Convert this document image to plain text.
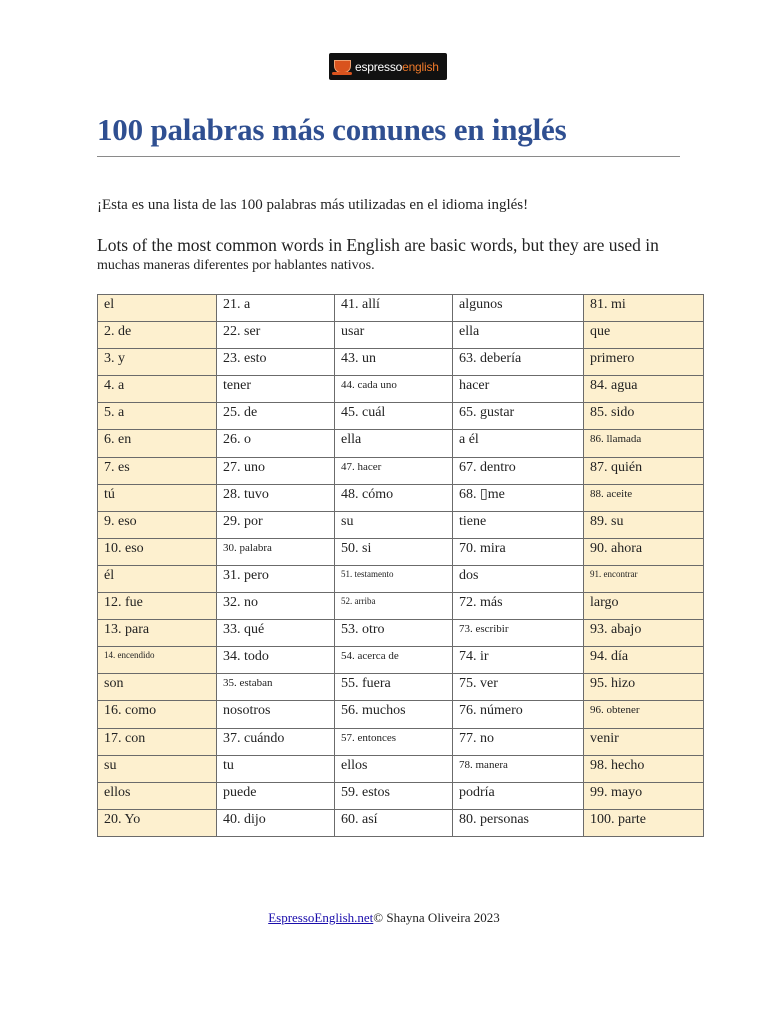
espressoenglish
100 palabras más comunes en inglés

¡Esta es una lista de las 100 palabras más utilizadas en el idioma inglés!

Lots of the most common words in English are basic words, but they are used in

muchas maneras diferentes por hablantes nativos.

el	21. a	41. allí	algunos	81. mi
2. de	22. ser	usar	ella	que
3. y	23. esto	43. un	63. debería	primero
4. a	tener	44. cada uno	hacer	84. agua
5. a	25. de	45. cuál	65. gustar	85. sido
6. en	26. o	ella	a él	86. llamada
7. es	27. uno	47. hacer	67. dentro	87. quién
tú	28. tuvo	48. cómo	68. ▯me	88. aceite
9. eso	29. por	su	tiene	89. su
10. eso	30. palabra	50. si	70. mira	90. ahora
él	31. pero	51. testamento	dos	91. encontrar
12. fue	32. no	52. arriba	72. más	largo
13. para	33. qué	53. otro	73. escribir	93. abajo
14. encendido	34. todo	54. acerca de	74. ir	94. día
son	35. estaban	55. fuera	75. ver	95. hizo
16. como	nosotros	56. muchos	76. número	96. obtener
17. con	37. cuándo	57. entonces	77. no	venir
su	tu	ellos	78. manera	98. hecho
ellos	puede	59. estos	podría	99. mayo
20. Yo	40. dijo	60. así	80. personas	100. parte
EspressoEnglish.net© Shayna Oliveira 2023
